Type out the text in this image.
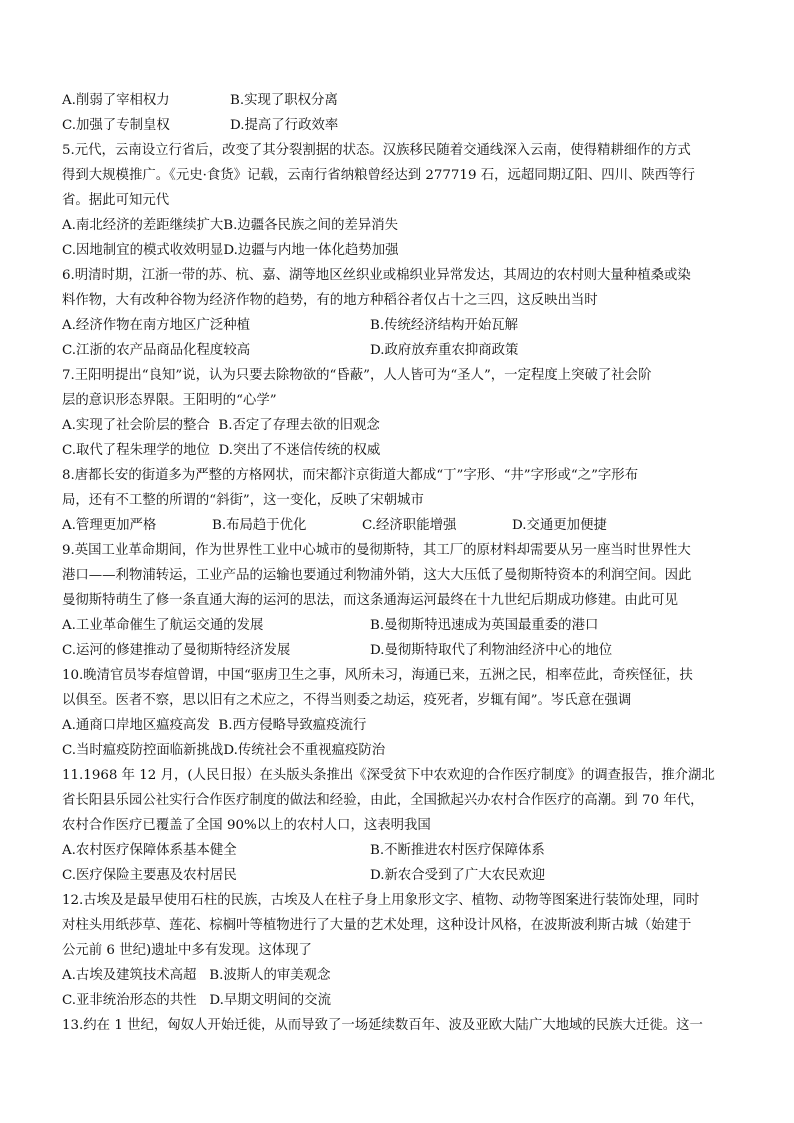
A.削弱了宰相权力	B.实现了职权分离
C.加强了专制皇权	D.提高了行政效率
5.元代，云南设立行省后，改变了其分裂割据的状态。汉族移民随着交通线深入云南，使得精耕细作的方式
得到大规模推广。《元史·食货》记载，云南行省纳粮曾经达到 277719 石，远超同期辽阳、四川、陕西等行
省。据此可知元代
A.南北经济的差距继续扩大B.边疆各民族之间的差异消失
C.因地制宜的模式收效明显D.边疆与内地一体化趋势加强
6.明清时期，江浙一带的苏、杭、嘉、湖等地区丝织业或棉织业异常发达，其周边的农村则大量种植桑或染
料作物，大有改种谷物为经济作物的趋势，有的地方种稻谷者仅占十之三四，这反映出当时
A.经济作物在南方地区广泛种植	B.传统经济结构开始瓦解
C.江浙的农产品商品化程度较高	D.政府放弃重农抑商政策
7.王阳明提出“良知”说，认为只要去除物欲的“昏蔽”，人人皆可为“圣人”，一定程度上突破了社会阶
层的意识形态界限。王阳明的“心学”
A.实现了社会阶层的整合 B.否定了存理去欲的旧观念
C.取代了程朱理学的地位 D.突出了不迷信传统的权威
8.唐都长安的街道多为严整的方格网状，而宋都汴京街道大都成“丁”字形、“井”字形或“之”字形布
局，还有不工整的所谓的“斜街”，这一变化，反映了宋朝城市
A.管理更加严格	B.布局趋于优化	C.经济职能增强	D.交通更加便捷
9.英国工业革命期间，作为世界性工业中心城市的曼彻斯特，其工厂的原材料却需要从另一座当时世界性大
港口——利物浦转运，工业产品的运输也要通过利物浦外销，这大大压低了曼彻斯特资本的利润空间。因此
曼彻斯特萌生了修一条直通大海的运河的思法，而这条通海运河最终在十九世纪后期成功修建。由此可见
A.工业革命催生了航运交通的发展	B.曼彻斯特迅速成为英国最重委的港口
C.运河的修建推动了曼彻斯特经济发展	D.曼彻斯特取代了利物油经济中心的地位
10.晚清官员岑春煊曾谓，中国“驱虏卫生之事，风所未习，海通已来，五洲之民，相率莅此，奇疾怪征，扶
以俱至。医者不察，思以旧有之术应之，不得当则委之劫运，疫死者，岁辄有闻”。岑氏意在强调
A.通商口岸地区瘟疫高发 B.西方侵略导致瘟疫流行
C.当时瘟疫防控面临新挑战D.传统社会不重视瘟疫防治
11.1968 年 12 月，(人民日报）在头版头条推出《深受贫下中农欢迎的合作医疗制度》的调查报告，推介湖北
省长阳县乐园公社实行合作医疗制度的做法和经验，由此，全国掀起兴办农村合作医疗的高潮。到 70 年代，
农村合作医疗已覆盖了全国 90%以上的农村人口，这表明我国
A.农村医疗保障体系基本健全	B.不断推进农村医疗保障体系
C.医疗保险主要惠及农村居民	D.新农合受到了广大农民欢迎
12.古埃及是最早使用石柱的民族，古埃及人在柱子身上用象形文字、植物、动物等图案进行装饰处理，同时
对柱头用纸莎草、莲花、棕榈叶等植物进行了大量的艺术处理，这种设计风格，在波斯波利斯古城（始建于
公元前 6 世纪)遗址中多有发现。这体现了
A.古埃及建筑技术高超 B.波斯人的审美观念
C.亚非统治形态的共性 D.早期文明间的交流
13.约在 1 世纪，匈奴人开始迁徙，从而导致了一场延续数百年、波及亚欧大陆广大地域的民族大迁徙。这一
